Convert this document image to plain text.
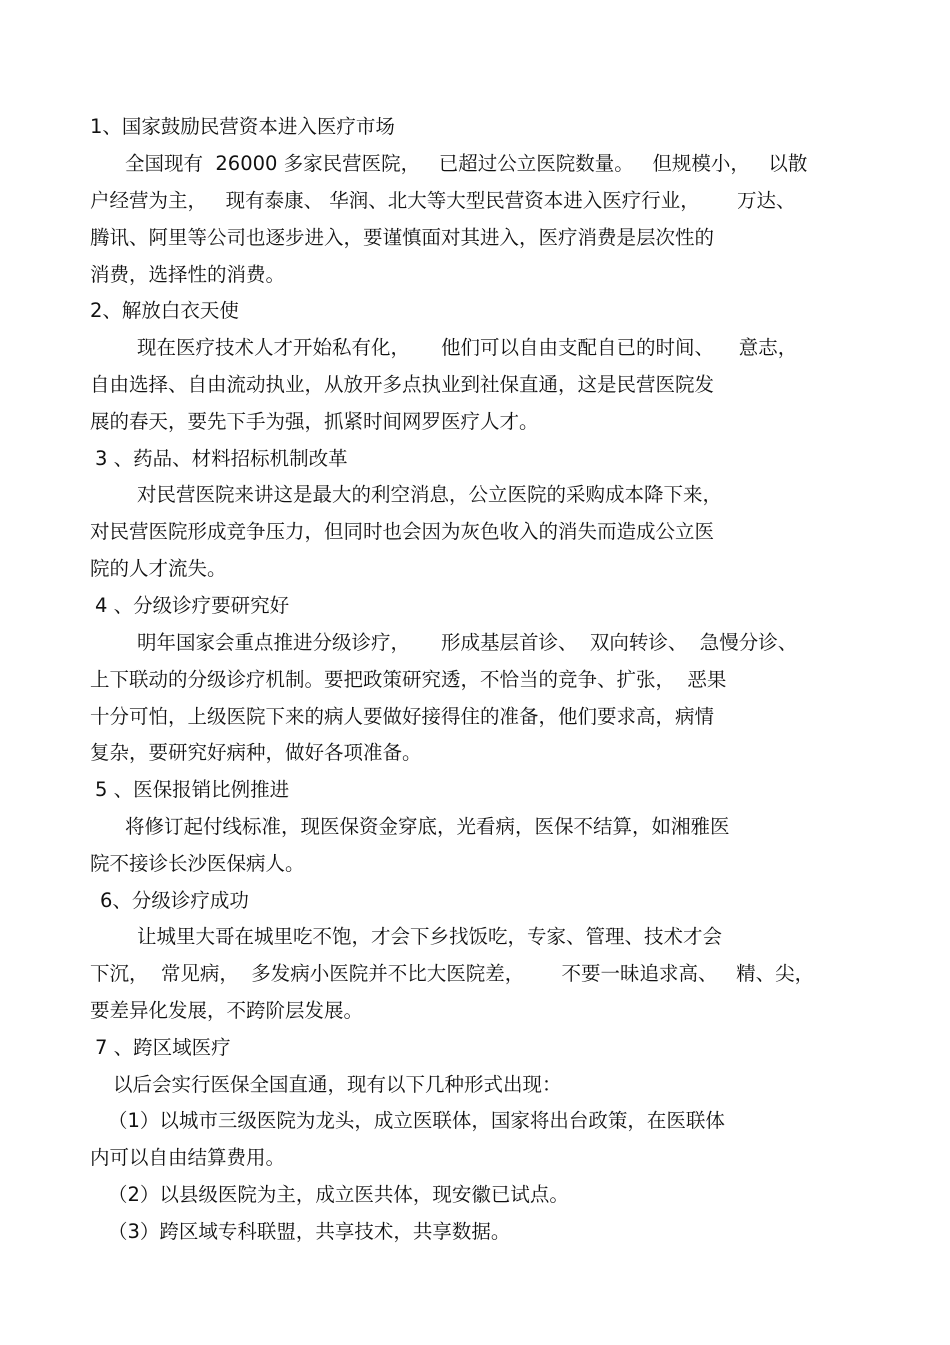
1、国家鼓励民营资本进入医疗市场
全国现有  26000 多家民营医院，   已超过公立医院数量。   但规模小，   以散
户经营为主，   现有泰康、 华润、北大等大型民营资本进入医疗行业，      万达、
腾讯、阿里等公司也逐步进入，要谨慎面对其进入，医疗消费是层次性的
消费，选择性的消费。
2、解放白衣天使
现在医疗技术人才开始私有化，     他们可以自由支配自已的时间、    意志，
自由选择、自由流动执业，从放开多点执业到社保直通，这是民营医院发
展的春天，要先下手为强，抓紧时间网罗医疗人才。
3 、药品、材料招标机制改革
对民营医院来讲这是最大的利空消息，公立医院的采购成本降下来，
对民营医院形成竞争压力，但同时也会因为灰色收入的消失而造成公立医
院的人才流失。
4 、分级诊疗要研究好
明年国家会重点推进分级诊疗，     形成基层首诊、  双向转诊、  急慢分诊、
上下联动的分级诊疗机制。要把政策研究透，不恰当的竞争、扩张，  恶果
十分可怕，上级医院下来的病人要做好接得住的准备，他们要求高，病情
复杂，要研究好病种，做好各项准备。
5 、医保报销比例推进
将修订起付线标准，现医保资金穿底，光看病，医保不结算，如湘雅医
院不接诊长沙医保病人。
6、分级诊疗成功
让城里大哥在城里吃不饱，才会下乡找饭吃，专家、管理、技术才会
下沉，  常见病，  多发病小医院并不比大医院差，      不要一昧追求高、   精、尖，
要差异化发展，不跨阶层发展。
7 、跨区域医疗
以后会实行医保全国直通，现有以下几种形式出现：
（1）以城市三级医院为龙头，成立医联体，国家将出台政策，在医联体
内可以自由结算费用。
（2）以县级医院为主，成立医共体，现安徽已试点。
（3）跨区域专科联盟，共享技术，共享数据。
